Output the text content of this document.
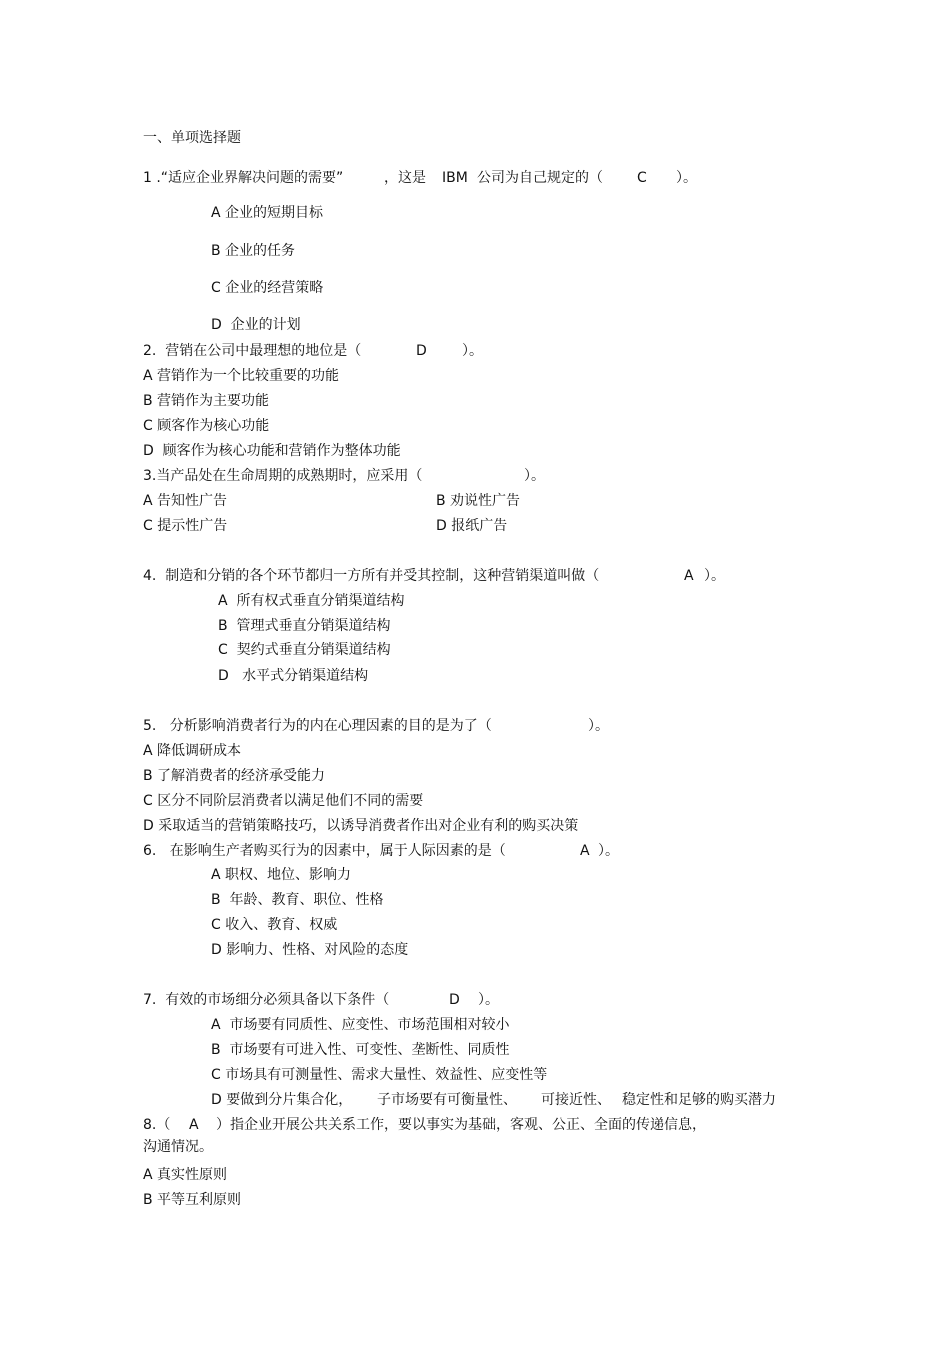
一、单项选择题
1 .“适应企业界解决问题的需要”	，这是 IBM 公司为自己规定的（ C ）。
A 企业的短期目标
B 企业的任务
C 企业的经营策略
D  企业的计划
2.  营销在公司中最理想的地位是（	D	）。
A 营销作为一个比较重要的功能
B 营销作为主要功能
C 顾客作为核心功能
D  顾客作为核心功能和营销作为整体功能
3.当产品处在生命周期的成熟期时，应采用（	）。
A 告知性广告	B 劝说性广告
C 提示性广告	D 报纸广告
4.  制造和分销的各个环节都归一方所有并受其控制，这种营销渠道叫做（	A ）。
A  所有权式垂直分销渠道结构
B  管理式垂直分销渠道结构
C  契约式垂直分销渠道结构
D   水平式分销渠道结构
5.   分析影响消费者行为的内在心理因素的目的是为了（	）。
A 降低调研成本
B 了解消费者的经济承受能力
C 区分不同阶层消费者以满足他们不同的需要
D 采取适当的营销策略技巧，以诱导消费者作出对企业有利的购买决策
6.   在影响生产者购买行为的因素中，属于人际因素的是（	A ）。
A 职权、地位、影响力
B  年龄、教育、职位、性格
C 收入、教育、权威
D 影响力、性格、对风险的态度
7.  有效的市场细分必须具备以下条件（	D ）。
A  市场要有同质性、应变性、市场范围相对较小
B  市场要有可进入性、可变性、垄断性、同质性
C 市场具有可测量性、需求大量性、效益性、应变性等
D 要做到分片集合化， 子市场要有可衡量性、 可接近性、 稳定性和足够的购买潜力
8.（ A ）指企业开展公共关系工作，要以事实为基础，客观、公正、全面的传递信息，
沟通情况。
A 真实性原则
B 平等互利原则
